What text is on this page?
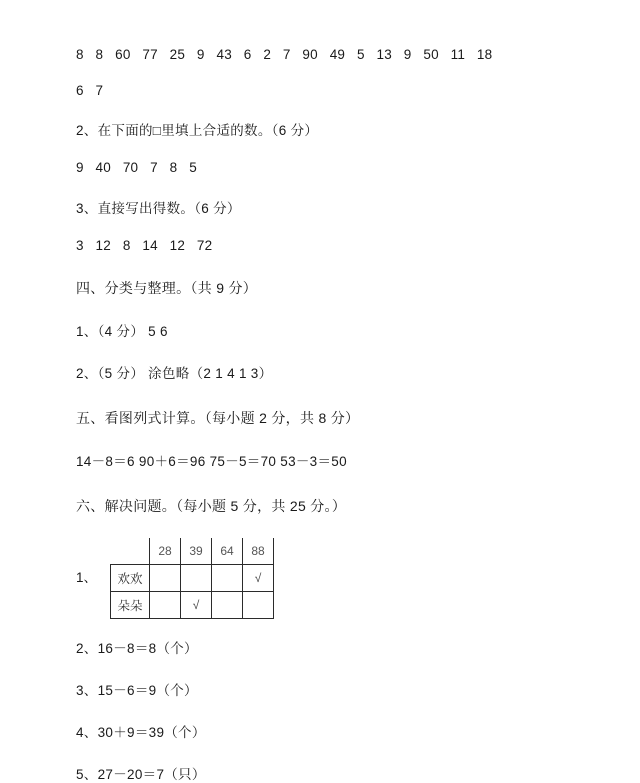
8   8   60   77   25   9   43   6   2   7   90   49   5   13   9   50   11   18
6   7
2、在下面的□里填上合适的数。（6 分）
9   40   70   7   8   5
3、直接写出得数。（6 分）
3   12   8   14   12   72
四、分类与整理。（共 9 分）
1、（4 分） 5 6
2、（5 分） 涂色略（2 1 4 1 3）
五、看图列式计算。（每小题 2 分，共 8 分）
14－8＝6 90＋6＝96 75－5＝70 53－3＝50
六、解决问题。（每小题 5 分，共 25 分。）
1、
	28	39	64	88
欢欢				√
朵朵		√		
2、16－8＝8（个）
3、15－6＝9（个）
4、30＋9＝39（个）
5、27－20＝7（只）
